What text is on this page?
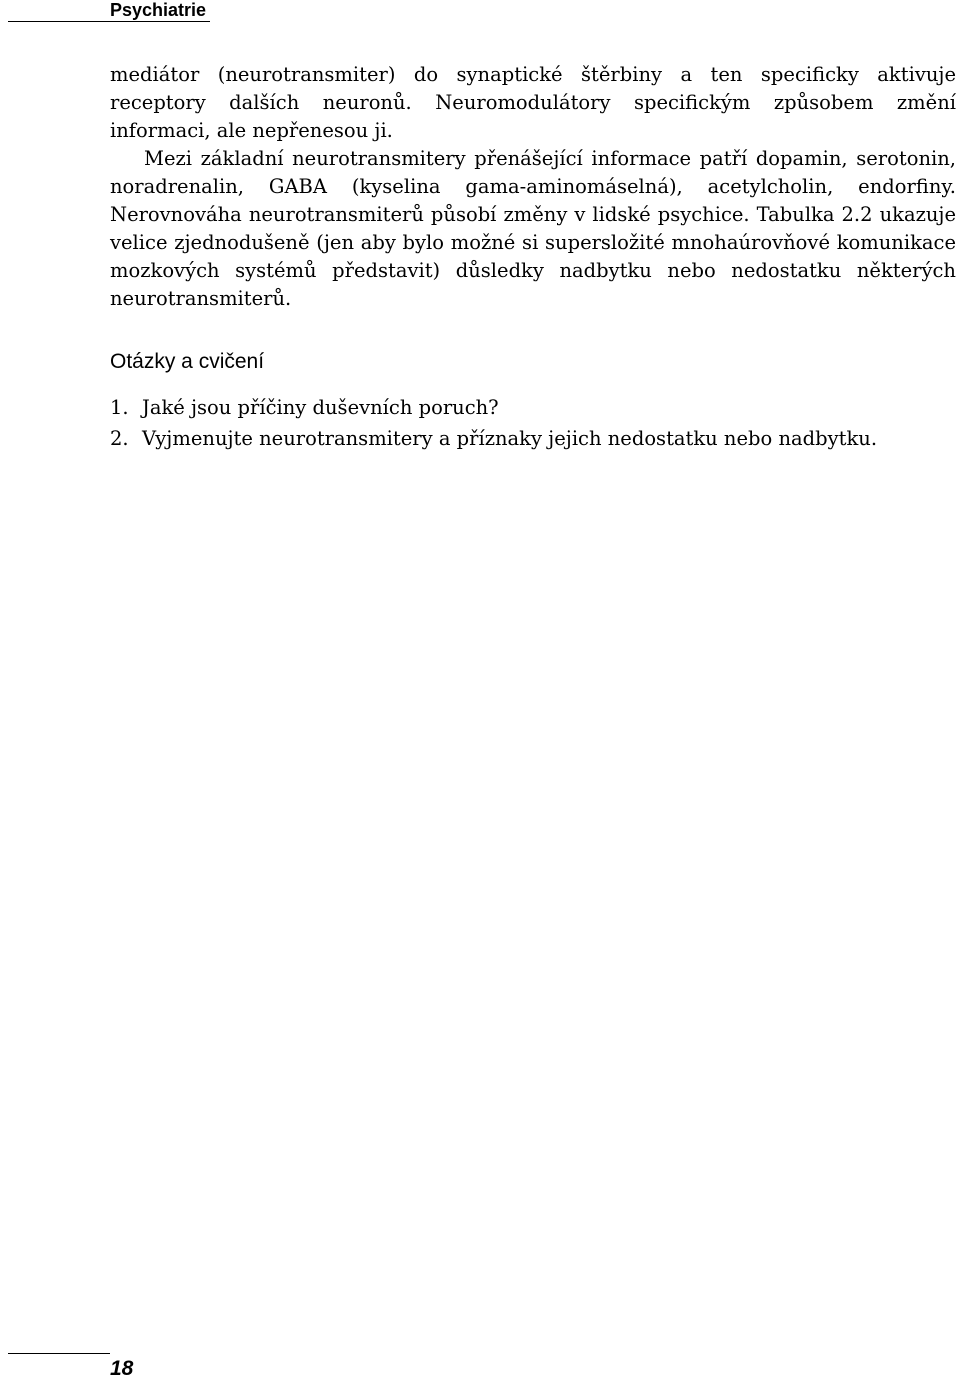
Psychiatrie

mediátor (neurotransmiter) do synaptické štěrbiny a ten specificky aktivuje receptory dalších neuronů. Neuromodulátory specifickým způsobem změní informaci, ale nepřenesou ji.

Mezi základní neurotransmitery přenášející informace patří dopamin, serotonin, noradrenalin, GABA (kyselina gama-aminomáselná), acetylcholin, endorfiny. Nerovnováha neurotransmiterů působí změny v lidské psychice. Tabulka 2.2 ukazuje velice zjednodušeně (jen aby bylo možné si supersložité mnohaúrovňové komunikace mozkových systémů představit) důsledky nadbytku nebo nedostatku některých neurotransmiterů.

Otázky a cvičení
1. Jaké jsou příčiny duševních poruch?
2. Vyjmenujte neurotransmitery a příznaky jejich nedostatku nebo nadbytku.
18
